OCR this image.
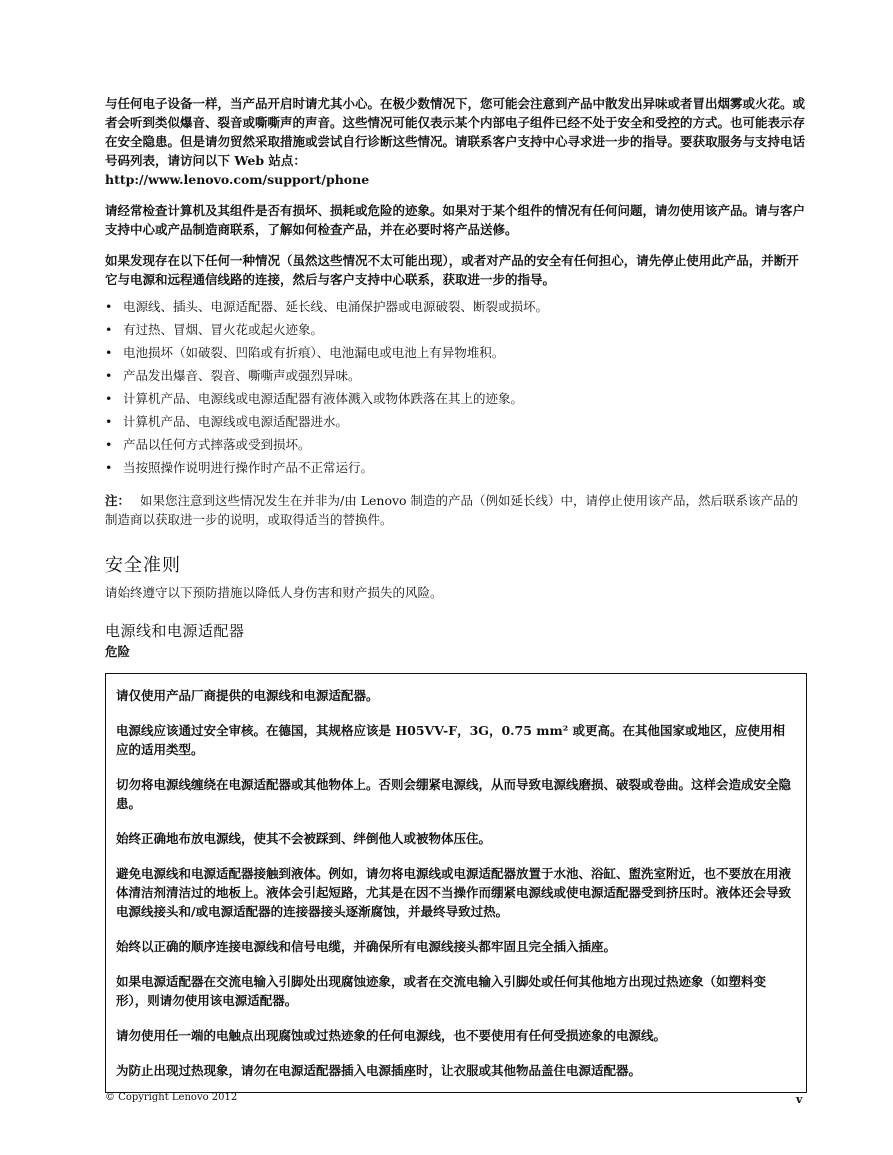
与任何电子设备一样，当产品开启时请尤其小心。在极少数情况下，您可能会注意到产品中散发出异味或者冒出烟雾或火花。或者会听到类似爆音、裂音或嘶嘶声的声音。这些情况可能仅表示某个内部电子组件已经不处于安全和受控的方式。也可能表示存在安全隐患。但是请勿贸然采取措施或尝试自行诊断这些情况。请联系客户支持中心寻求进一步的指导。要获取服务与支持电话号码列表，请访问以下 Web 站点：

http://www.lenovo.com/support/phone

请经常检查计算机及其组件是否有损坏、损耗或危险的迹象。如果对于某个组件的情况有任何问题，请勿使用该产品。请与客户支持中心或产品制造商联系，了解如何检查产品，并在必要时将产品送修。

如果发现存在以下任何一种情况（虽然这些情况不太可能出现），或者对产品的安全有任何担心，请先停止使用此产品，并断开它与电源和远程通信线路的连接，然后与客户支持中心联系，获取进一步的指导。

• 电源线、插头、电源适配器、延长线、电涌保护器或电源破裂、断裂或损坏。
• 有过热、冒烟、冒火花或起火迹象。
• 电池损坏（如破裂、凹陷或有折痕）、电池漏电或电池上有异物堆积。
• 产品发出爆音、裂音、嘶嘶声或强烈异味。
• 计算机产品、电源线或电源适配器有液体溅入或物体跌落在其上的迹象。
• 计算机产品、电源线或电源适配器进水。
• 产品以任何方式摔落或受到损坏。
• 当按照操作说明进行操作时产品不正常运行。

注： 如果您注意到这些情况发生在并非为/由 Lenovo 制造的产品（例如延长线）中，请停止使用该产品，然后联系该产品的制造商以获取进一步的说明，或取得适当的替换件。

安全准则

请始终遵守以下预防措施以降低人身伤害和财产损失的风险。

电源线和电源适配器
危险

请仅使用产品厂商提供的电源线和电源适配器。

电源线应该通过安全审核。在德国，其规格应该是 H05VV-F，3G，0.75 mm² 或更高。在其他国家或地区，应使用相应的适用类型。

切勿将电源线缠绕在电源适配器或其他物体上。否则会绷紧电源线，从而导致电源线磨损、破裂或卷曲。这样会造成安全隐患。

始终正确地布放电源线，使其不会被踩到、绊倒他人或被物体压住。

避免电源线和电源适配器接触到液体。例如，请勿将电源线或电源适配器放置于水池、浴缸、盥洗室附近，也不要放在用液体清洁剂清洁过的地板上。液体会引起短路，尤其是在因不当操作而绷紧电源线或使电源适配器受到挤压时。液体还会导致电源线接头和/或电源适配器的连接器接头逐渐腐蚀，并最终导致过热。

始终以正确的顺序连接电源线和信号电缆，并确保所有电源线接头都牢固且完全插入插座。

如果电源适配器在交流电输入引脚处出现腐蚀迹象，或者在交流电输入引脚处或任何其他地方出现过热迹象（如塑料变形），则请勿使用该电源适配器。

请勿使用任一端的电触点出现腐蚀或过热迹象的任何电源线，也不要使用有任何受损迹象的电源线。

为防止出现过热现象，请勿在电源适配器插入电源插座时，让衣服或其他物品盖住电源适配器。

© Copyright Lenovo 2012	v
